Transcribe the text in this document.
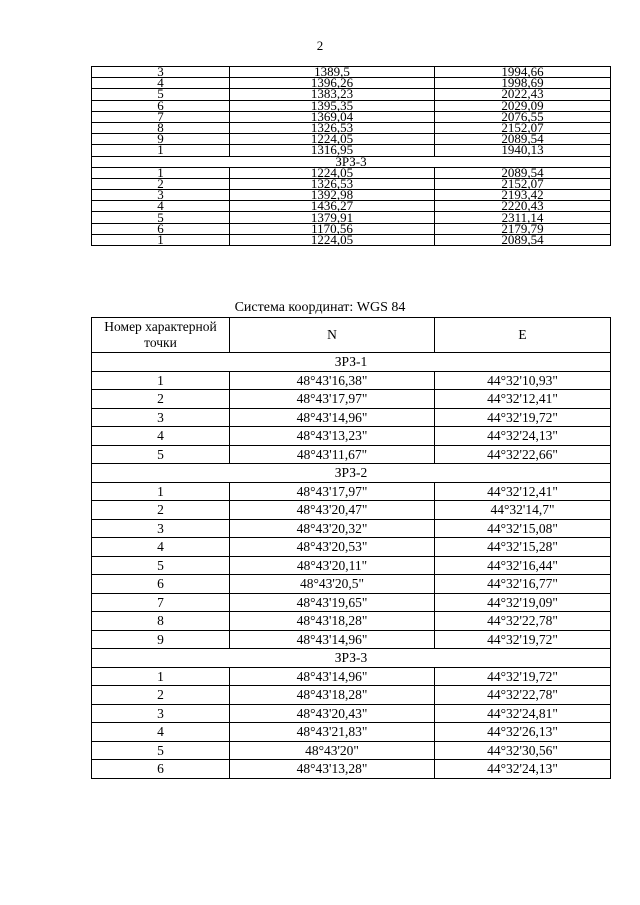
2
3	1389,5	1994,66
4	1396,26	1998,69
5	1383,23	2022,43
6	1395,35	2029,09
7	1369,04	2076,55
8	1326,53	2152,07
9	1224,05	2089,54
1	1316,95	1940,13
ЗРЗ-3		
1	1224,05	2089,54
2	1326,53	2152,07
3	1392,98	2193,42
4	1436,27	2220,43
5	1379,91	2311,14
6	1170,56	2179,79
1	1224,05	2089,54
Система координат: WGS 84
Номер характерной точки	N	E
ЗРЗ-1		
1	48°43'16,38"	44°32'10,93"
2	48°43'17,97"	44°32'12,41"
3	48°43'14,96"	44°32'19,72"
4	48°43'13,23"	44°32'24,13"
5	48°43'11,67"	44°32'22,66"
ЗРЗ-2		
1	48°43'17,97"	44°32'12,41"
2	48°43'20,47"	44°32'14,7"
3	48°43'20,32"	44°32'15,08"
4	48°43'20,53"	44°32'15,28"
5	48°43'20,11"	44°32'16,44"
6	48°43'20,5"	44°32'16,77"
7	48°43'19,65"	44°32'19,09"
8	48°43'18,28"	44°32'22,78"
9	48°43'14,96"	44°32'19,72"
ЗРЗ-3		
1	48°43'14,96"	44°32'19,72"
2	48°43'18,28"	44°32'22,78"
3	48°43'20,43"	44°32'24,81"
4	48°43'21,83"	44°32'26,13"
5	48°43'20"	44°32'30,56"
6	48°43'13,28"	44°32'24,13"
